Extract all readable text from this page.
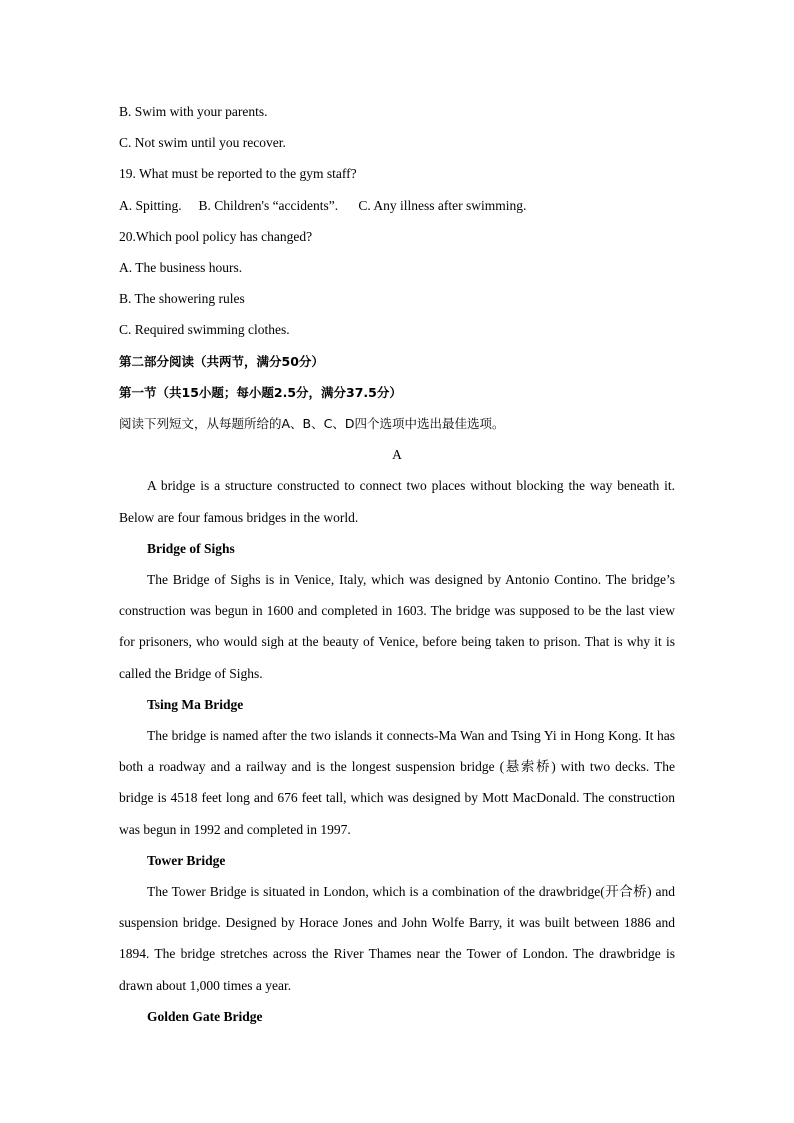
B. Swim with your parents.

C. Not swim until you recover.

19. What must be reported to the gym staff?

A. Spitting.     B. Children's “accidents”.      C. Any illness after swimming.

20.Which pool policy has changed?

A. The business hours.

B. The showering rules

C. Required swimming clothes.

第二部分阅读（共两节，满分50分）

第一节（共15小题；每小题2.5分，满分37.5分）

阅读下列短文，从每题所给的A、B、C、D四个选项中选出最佳选项。

A

A bridge is a structure constructed to connect two places without blocking the way beneath it. Below are four famous bridges in the world.

Bridge of Sighs

The Bridge of Sighs is in Venice, Italy, which was designed by Antonio Contino. The bridge’s construction was begun in 1600 and completed in 1603. The bridge was supposed to be the last view for prisoners, who would sigh at the beauty of Venice, before being taken to prison. That is why it is called the Bridge of Sighs.

Tsing Ma Bridge

The bridge is named after the two islands it connects-Ma Wan and Tsing Yi in Hong Kong. It has both a roadway and a railway and is the longest suspension bridge (悬索桥) with two decks. The bridge is 4518 feet long and 676 feet tall, which was designed by Mott MacDonald. The construction was begun in 1992 and completed in 1997.

Tower Bridge

The Tower Bridge is situated in London, which is a combination of the drawbridge(开合桥) and suspension bridge. Designed by Horace Jones and John Wolfe Barry, it was built between 1886 and 1894. The bridge stretches across the River Thames near the Tower of London. The drawbridge is drawn about 1,000 times a year.

Golden Gate Bridge
